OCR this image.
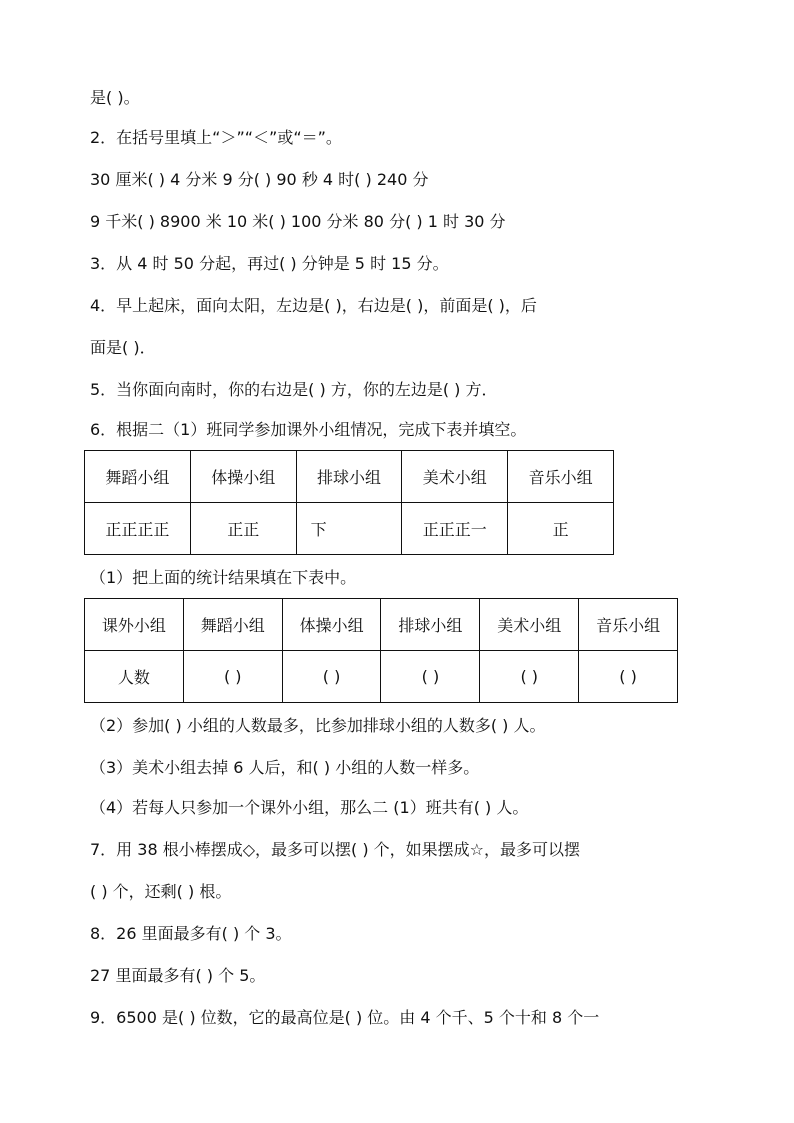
是( )。
2．在括号里填上“＞”“＜”或“＝”。
30 厘米( ) 4 分米 9 分( ) 90 秒 4 时( ) 240 分
9 千米( ) 8900 米 10 米( ) 100 分米 80 分( ) 1 时 30 分
3．从 4 时 50 分起，再过( ) 分钟是 5 时 15 分。
4．早上起床，面向太阳，左边是( )，右边是( )，前面是( )，后
面是( )．
5．当你面向南时，你的右边是( ) 方，你的左边是( ) 方．
6．根据二（1）班同学参加课外小组情况，完成下表并填空。
舞蹈小组	体操小组	排球小组	美术小组	音乐小组
正正正正	正正	下	正正正一	正
（1）把上面的统计结果填在下表中。
课外小组	舞蹈小组	体操小组	排球小组	美术小组	音乐小组
人数	( )	( )	( )	( )	( )
（2）参加( ) 小组的人数最多，比参加排球小组的人数多( ) 人。
（3）美术小组去掉 6 人后，和( ) 小组的人数一样多。
（4）若每人只参加一个课外小组，那么二 (1）班共有( ) 人。
7．用 38 根小棒摆成◇，最多可以摆( ) 个，如果摆成☆，最多可以摆
( ) 个，还剩( ) 根。
8．26 里面最多有( ) 个 3。
27 里面最多有( ) 个 5。
9．6500 是( ) 位数，它的最高位是( ) 位。由 4 个千、5 个十和 8 个一
